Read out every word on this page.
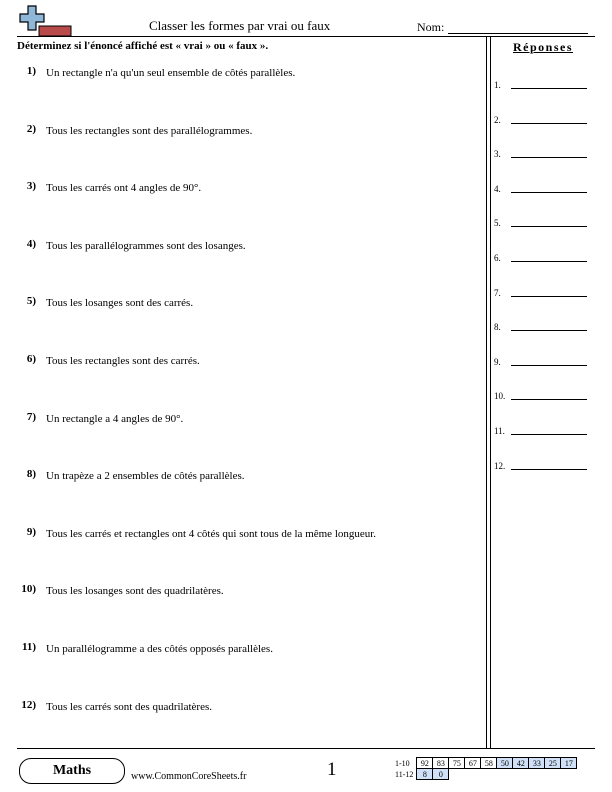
Classer les formes par vrai ou faux	Nom:
Déterminez si l'énoncé affiché est « vrai » ou « faux ».	Réponses
1) Un rectangle n'a qu'un seul ensemble de côtés parallèles.
2) Tous les rectangles sont des parallélogrammes.
3) Tous les carrés ont 4 angles de 90°.
4) Tous les parallélogrammes sont des losanges.
5) Tous les losanges sont des carrés.
6) Tous les rectangles sont des carrés.
7) Un rectangle a 4 angles de 90°.
8) Un trapèze a 2 ensembles de côtés parallèles.
9) Tous les carrés et rectangles ont 4 côtés qui sont tous de la même longueur.
10) Tous les losanges sont des quadrilatères.
11) Un parallélogramme a des côtés opposés parallèles.
12) Tous les carrés sont des quadrilatères.
1.
2.
3.
4.
5.
6.
7.
8.
9.
10.
11.
12.
Maths	www.CommonCoreSheets.fr	1	1-10	92	83	75	67	58	50	42	33	25	17
11-12	8	0								
